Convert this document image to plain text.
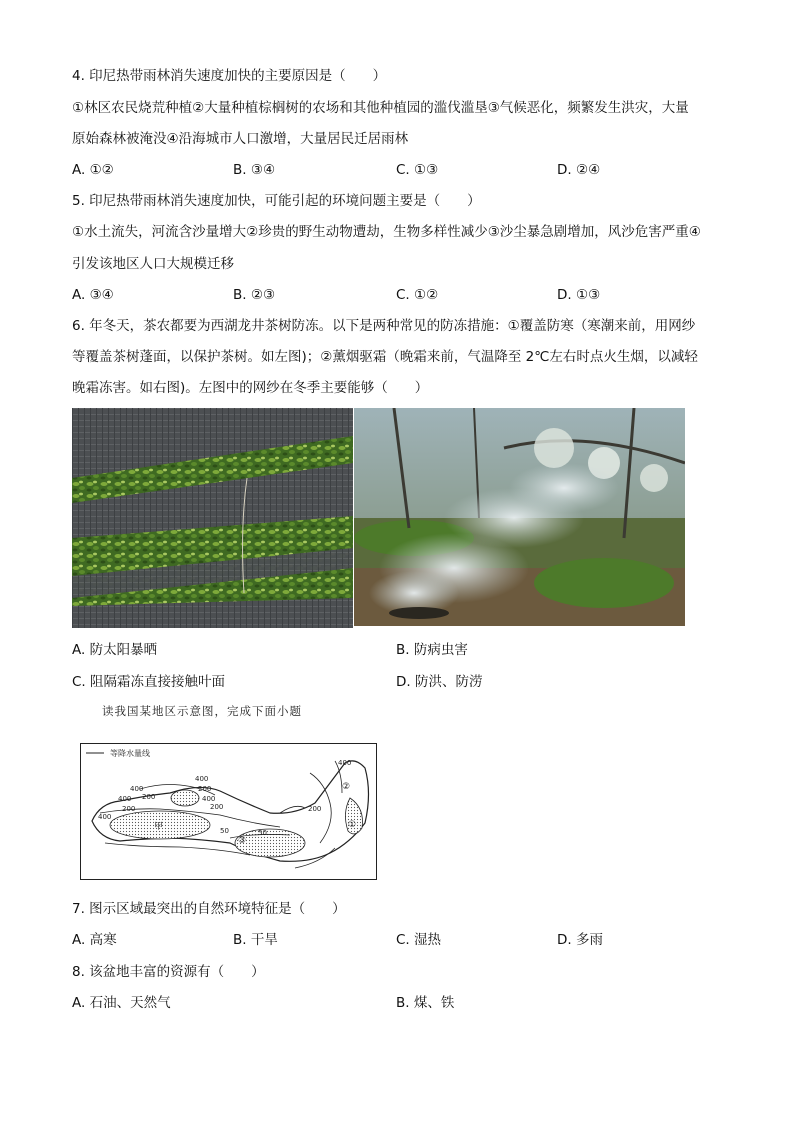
4. 印尼热带雨林消失速度加快的主要原因是（　　）
①林区农民烧荒种植②大量种植棕榈树的农场和其他种植园的滥伐滥垦③气候恶化，频繁发生洪灾，大量
原始森林被淹没④沿海城市人口激增，大量居民迁居雨林
A. ①②	B. ③④	C. ①③	D. ②④
5. 印尼热带雨林消失速度加快，可能引起的环境问题主要是（　　）
①水土流失，河流含沙量增大②珍贵的野生动物遭劫，生物多样性减少③沙尘暴急剧增加，风沙危害严重④
引发该地区人口大规模迁移
A. ③④	B. ②③	C. ①②	D. ①③
6. 年冬天，茶农都要为西湖龙井茶树防冻。以下是两种常见的防冻措施：①覆盖防寒（寒潮来前，用网纱
等覆盖茶树蓬面，以保护茶树。如左图)；②薰烟驱霜（晚霜来前，气温降至 2℃左右时点火生烟，以减轻
晚霜冻害。如右图)。左图中的网纱在冬季主要能够（　　）
A. 防太阳暴晒	B. 防病虫害
C. 阻隔霜冻直接接触叶面	D. 防洪、防涝
读我国某地区示意图，完成下面小题
等降水量线
400
400 200
400
200
400
200
400
200
50	50
200
400
甲	①
②
③
7. 图示区域最突出的自然环境特征是（　　）
A. 高寒	B. 干旱	C. 湿热	D. 多雨
8. 该盆地丰富的资源有（　　）
A. 石油、天然气	B. 煤、铁
